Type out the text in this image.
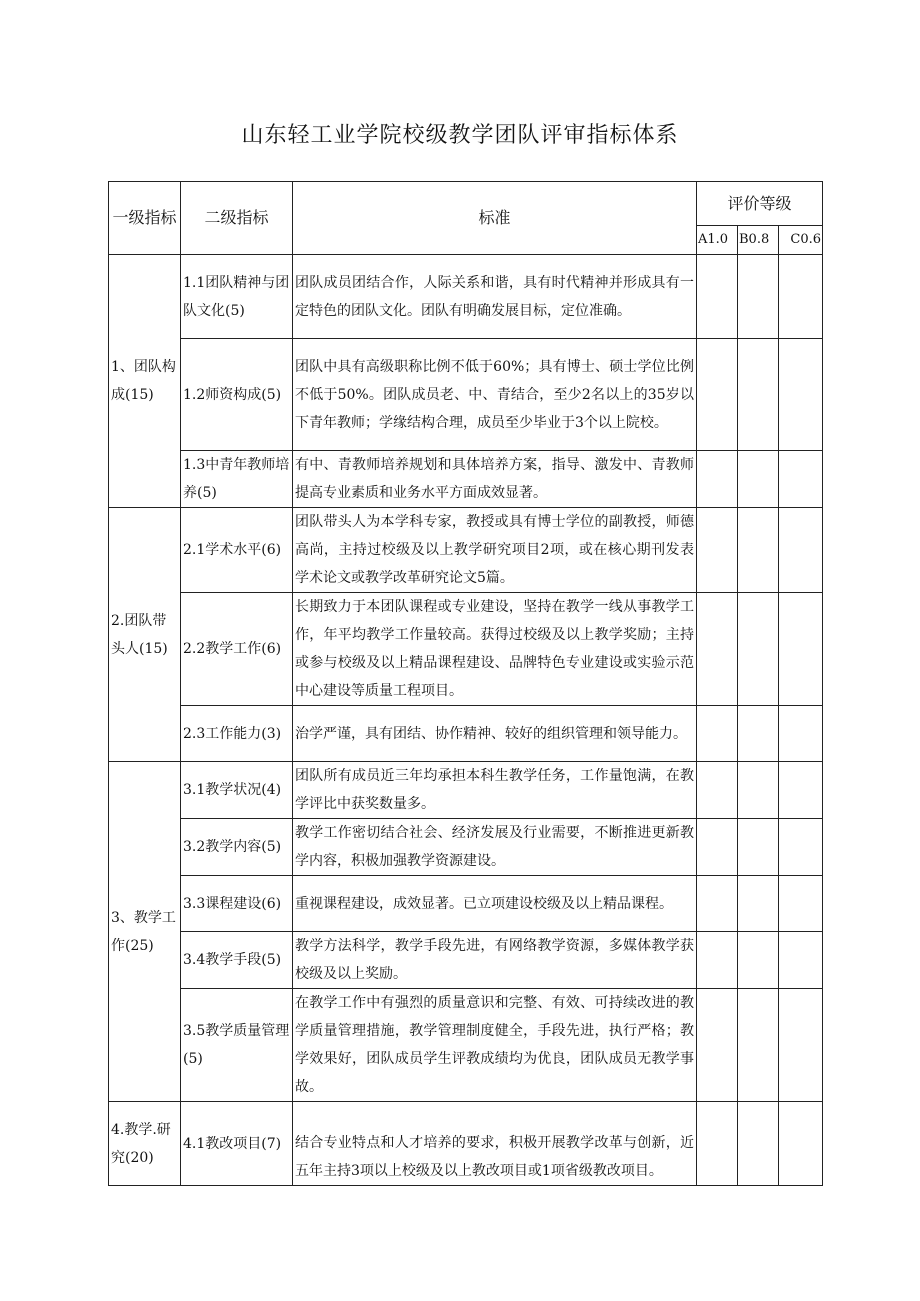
山东轻工业学院校级教学团队评审指标体系
一级指标	二级指标	标准	评价等级		
			A1.0	B0.8	C0.6
1、团队构成(15)	1.1团队精神与团队文化(5)	团队成员团结合作，人际关系和谐，具有时代精神并形成具有一定特色的团队文化。团队有明确发展目标，定位准确。			
	1.2师资构成(5)	团队中具有高级职称比例不低于60%；具有博士、硕士学位比例不低于50%。团队成员老、中、青结合，至少2名以上的35岁以下青年教师；学缘结构合理，成员至少毕业于3个以上院校。			
	1.3中青年教师培养(5)	有中、青教师培养规划和具体培养方案，指导、激发中、青教师提高专业素质和业务水平方面成效显著。			
2.团队带头人(15)	2.1学术水平(6)	团队带头人为本学科专家，教授或具有博士学位的副教授，师德高尚，主持过校级及以上教学研究项目2项，或在核心期刊发表学术论文或教学改革研究论文5篇。			
	2.2教学工作(6)	长期致力于本团队课程或专业建设，坚持在教学一线从事教学工作，年平均教学工作量较高。获得过校级及以上教学奖励；主持或参与校级及以上精品课程建设、品牌特色专业建设或实验示范中心建设等质量工程项目。			
	2.3工作能力(3)	治学严谨，具有团结、协作精神、较好的组织管理和领导能力。			
3、教学工作(25)	3.1教学状况(4)	团队所有成员近三年均承担本科生教学任务，工作量饱满，在教学评比中获奖数量多。			
	3.2教学内容(5)	教学工作密切结合社会、经济发展及行业需要，不断推进更新教学内容，积极加强教学资源建设。			
	3.3课程建设(6)	重视课程建设，成效显著。已立项建设校级及以上精品课程。			
	3.4教学手段(5)	教学方法科学，教学手段先进，有网络教学资源，多媒体教学获校级及以上奖励。			
	3.5教学质量管理(5)	在教学工作中有强烈的质量意识和完整、有效、可持续改进的教学质量管理措施，教学管理制度健全，手段先进，执行严格；教学效果好，团队成员学生评教成绩均为优良，团队成员无教学事故。			
4.教学.研究(20)	4.1教改项目(7)	结合专业特点和人才培养的要求，积极开展教学改革与创新，近五年主持3项以上校级及以上教改项目或1项省级教改项目。			
